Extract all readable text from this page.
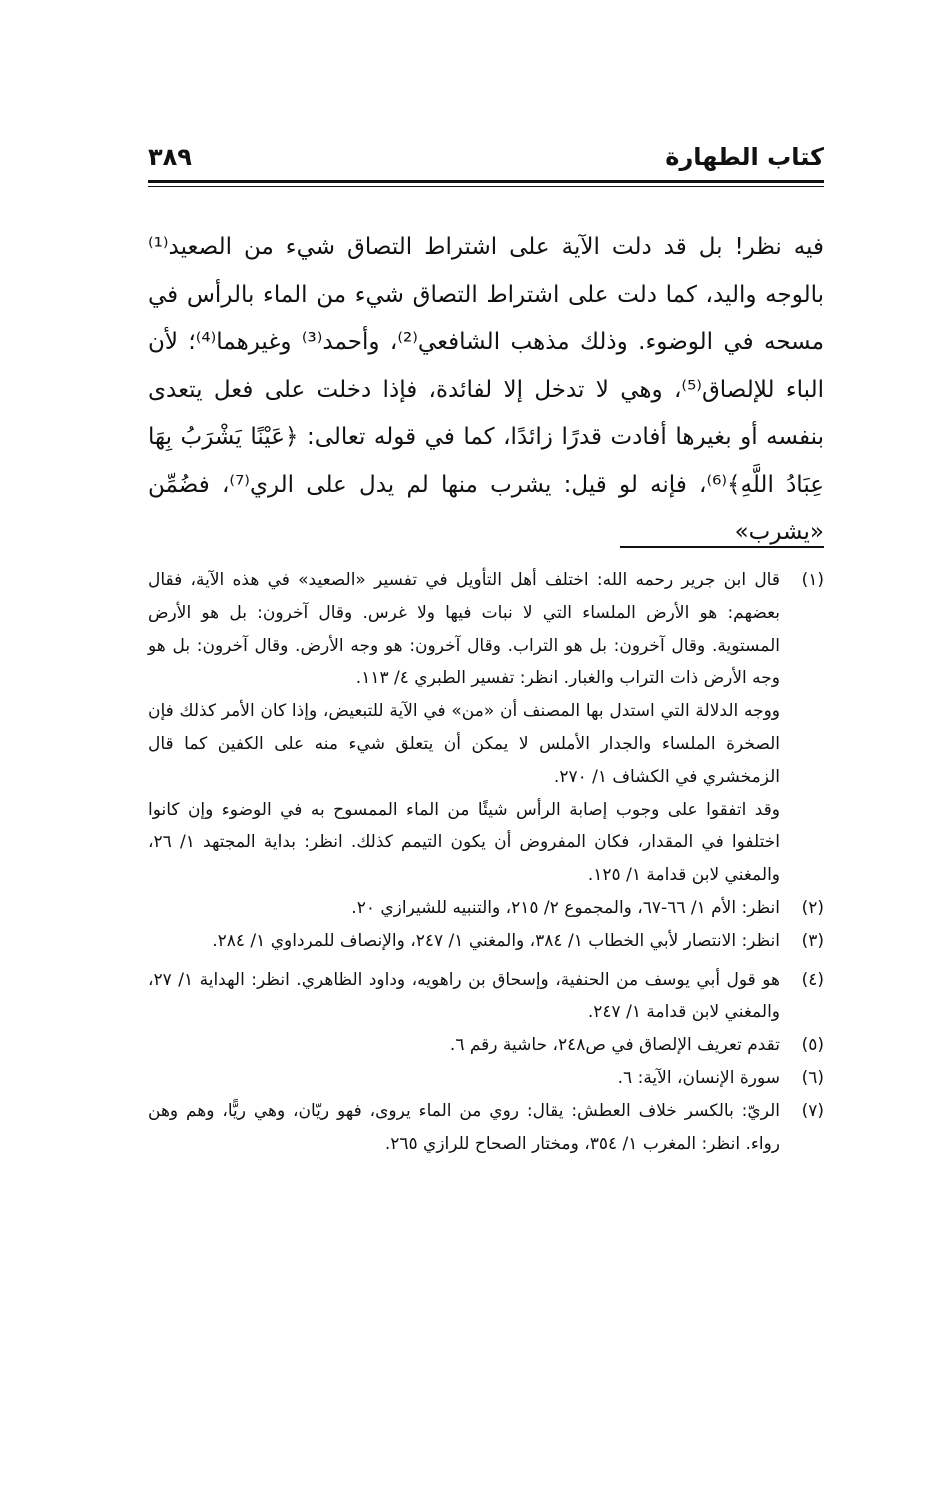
كتاب الطهارة
٣٨٩

فيه نظر! بل قد دلت الآية على اشتراط التصاق شيء من الصعيد⁽¹⁾ بالوجه واليد، كما دلت على اشتراط التصاق شيء من الماء بالرأس في مسحه في الوضوء. وذلك مذهب الشافعي⁽²⁾، وأحمد⁽³⁾ وغيرهما⁽⁴⁾؛ لأن الباء للإلصاق⁽⁵⁾، وهي لا تدخل إلا لفائدة، فإذا دخلت على فعل يتعدى بنفسه أو بغيرها أفادت قدرًا زائدًا، كما في قوله تعالى: ﴿عَيْنًا يَشْرَبُ بِهَا عِبَادُ اللَّهِ﴾⁽⁶⁾، فإنه لو قيل: يشرب منها لم يدل على الري⁽⁷⁾، فضُمِّن «يشرب»

(١)
قال ابن جرير رحمه الله: اختلف أهل التأويل في تفسير «الصعيد» في هذه الآية، فقال بعضهم: هو الأرض الملساء التي لا نبات فيها ولا غرس. وقال آخرون: بل هو الأرض المستوية. وقال آخرون: بل هو التراب. وقال آخرون: هو وجه الأرض. وقال آخرون: بل هو وجه الأرض ذات التراب والغبار. انظر: تفسير الطبري ٤/ ١١٣.
ووجه الدلالة التي استدل بها المصنف أن «من» في الآية للتبعيض، وإذا كان الأمر كذلك فإن الصخرة الملساء والجدار الأملس لا يمكن أن يتعلق شيء منه على الكفين كما قال الزمخشري في الكشاف ١/ ٢٧٠.
وقد اتفقوا على وجوب إصابة الرأس شيئًا من الماء الممسوح به في الوضوء وإن كانوا اختلفوا في المقدار، فكان المفروض أن يكون التيمم كذلك. انظر: بداية المجتهد ١/ ٢٦، والمغني لابن قدامة ١/ ١٢٥.
(٢)
انظر: الأم ١/ ٦٦-٦٧، والمجموع ٢/ ٢١٥، والتنبيه للشيرازي ٢٠.
(٣)
انظر: الانتصار لأبي الخطاب ١/ ٣٨٤، والمغني ١/ ٢٤٧، والإنصاف للمرداوي ١/ ٢٨٤.
(٤)
هو قول أبي يوسف من الحنفية، وإسحاق بن راهويه، وداود الظاهري. انظر: الهداية ١/ ٢٧، والمغني لابن قدامة ١/ ٢٤٧.
(٥)
تقدم تعريف الإلصاق في ص٢٤٨، حاشية رقم ٦.
(٦)
سورة الإنسان، الآية: ٦.
(٧)
الريّ: بالكسر خلاف العطش: يقال: روي من الماء يروى، فهو ريّان، وهي ريًّا، وهم وهن رواء. انظر: المغرب ١/ ٣٥٤، ومختار الصحاح للرازي ٢٦٥.
